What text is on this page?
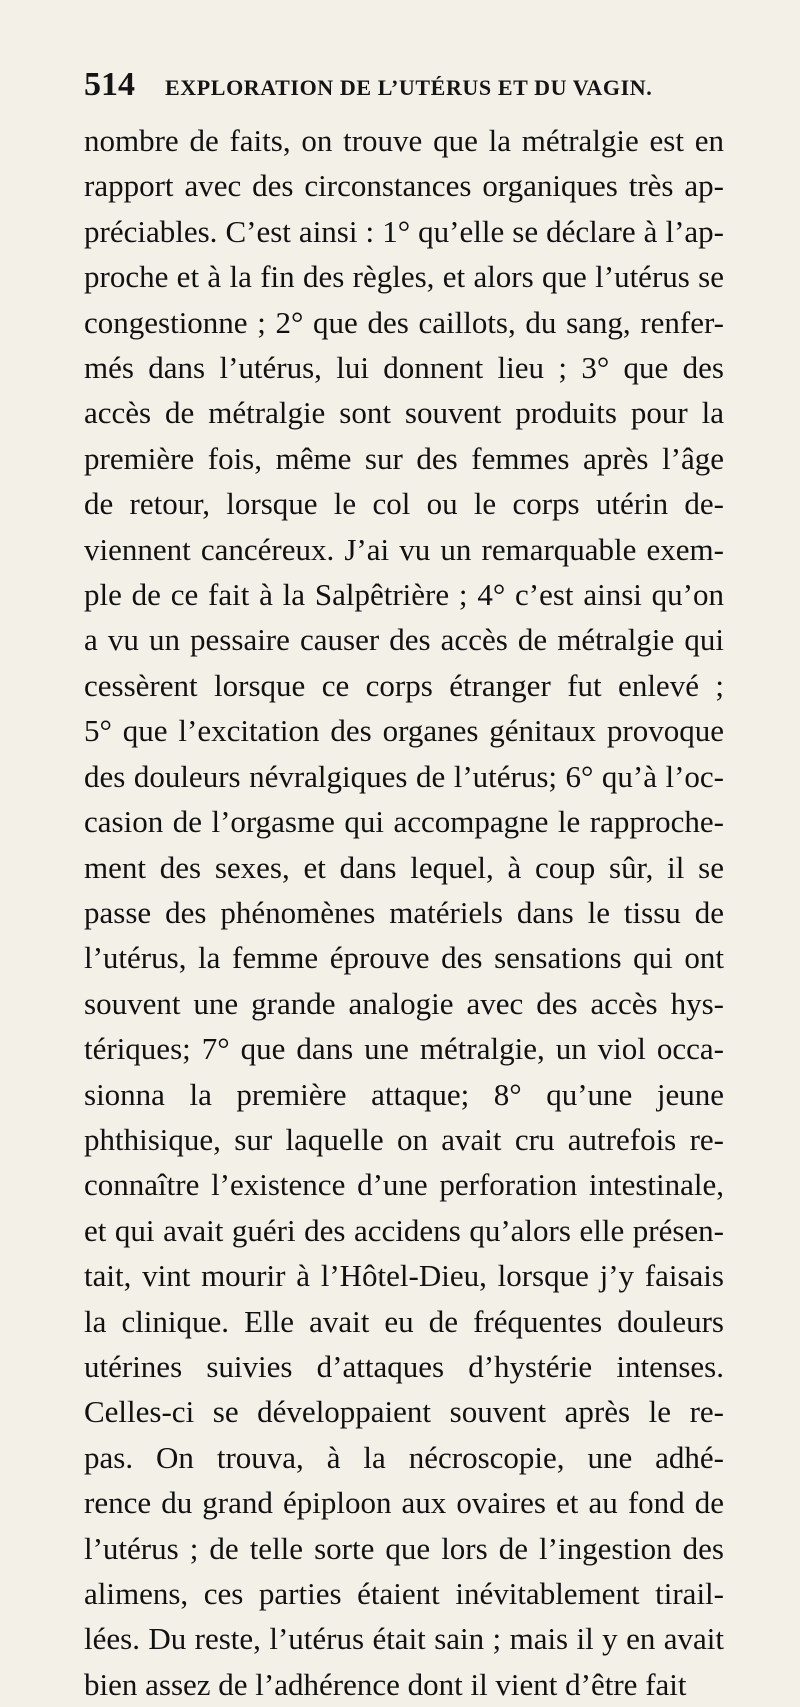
514 EXPLORATION DE L’UTÉRUS ET DU VAGIN.
nombre de faits, on trouve que la métralgie est en
rapport avec des circonstances organiques très ap-
préciables. C’est ainsi : 1° qu’elle se déclare à l’ap-
proche et à la fin des règles, et alors que l’utérus se
congestionne ; 2° que des caillots, du sang, renfer-
més dans l’utérus, lui donnent lieu ; 3° que des
accès de métralgie sont souvent produits pour la
première fois, même sur des femmes après l’âge
de retour, lorsque le col ou le corps utérin de-
viennent cancéreux. J’ai vu un remarquable exem-
ple de ce fait à la Salpêtrière ; 4° c’est ainsi qu’on
a vu un pessaire causer des accès de métralgie qui
cessèrent lorsque ce corps étranger fut enlevé ;
5° que l’excitation des organes génitaux provoque
des douleurs névralgiques de l’utérus; 6° qu’à l’oc-
casion de l’orgasme qui accompagne le rapproche-
ment des sexes, et dans lequel, à coup sûr, il se
passe des phénomènes matériels dans le tissu de
l’utérus, la femme éprouve des sensations qui ont
souvent une grande analogie avec des accès hys-
tériques; 7° que dans une métralgie, un viol occa-
sionna la première attaque; 8° qu’une jeune
phthisique, sur laquelle on avait cru autrefois re-
connaître l’existence d’une perforation intestinale,
et qui avait guéri des accidens qu’alors elle présen-
tait, vint mourir à l’Hôtel-Dieu, lorsque j’y faisais
la clinique. Elle avait eu de fréquentes douleurs
utérines suivies d’attaques d’hystérie intenses.
Celles-ci se développaient souvent après le re-
pas. On trouva, à la nécroscopie, une adhé-
rence du grand épiploon aux ovaires et au fond de
l’utérus ; de telle sorte que lors de l’ingestion des
alimens, ces parties étaient inévitablement tirail-
lées. Du reste, l’utérus était sain ; mais il y en avait
bien assez de l’adhérence dont il vient d’être fait
